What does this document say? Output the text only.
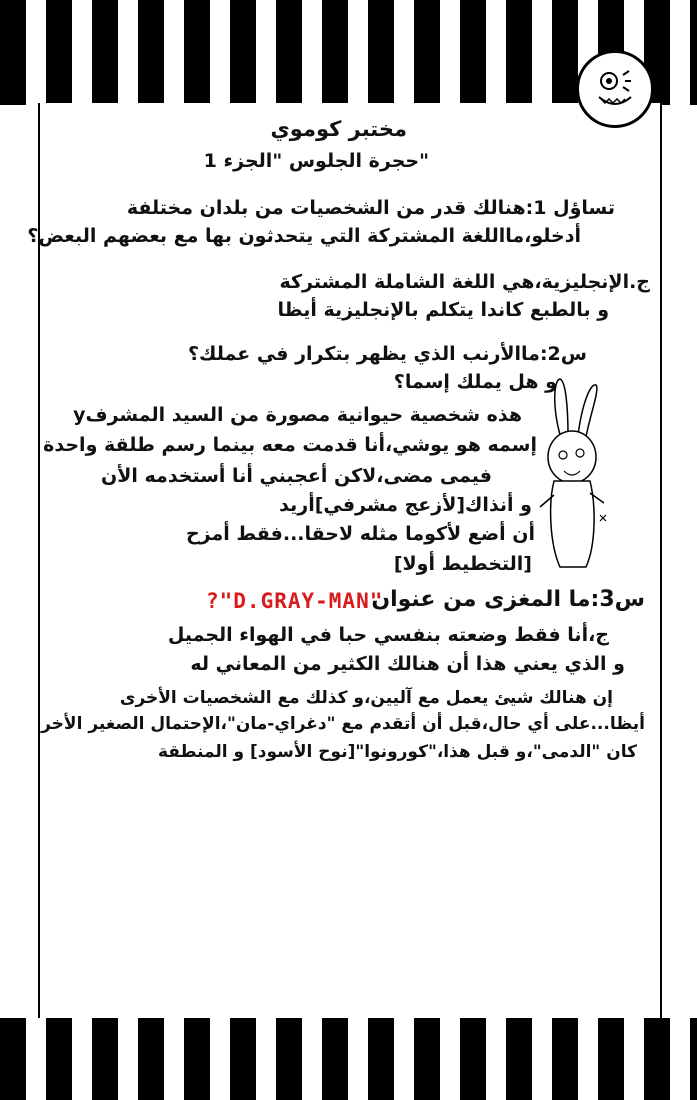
مختبر كوموي
"حجرة الجلوس "الجزء 1
تساؤل 1:هنالك قدر من الشخصيات من بلدان مختلفة
أدخلو،مااللغة المشتركة التي يتحدثون بها مع بعضهم البعض؟
ج.الإنجليزية،هي اللغة الشاملة المشتركة
و بالطبع كاندا يتكلم بالإنجليزية أيظا
س2:ماالأرنب الذي يظهر بتكرار في عملك؟
و هل يملك إسما؟
هذه شخصية حيوانية مصورة من السيد المشرفy
إسمه هو يوشي،أنا قدمت معه بينما رسم طلقة واحدة
فيمى مضى،لاكن أعجبني أنا أستخدمه الأن
و أنذاك[لأزعج مشرفي]أريد
أن أضع لأكوما مثله لاحقا...فقط أمزح
[التخطيط أولا]
س3:ما المغزى من عنوان
?"D.GRAY-MAN"
ج،أنا فقط وضعته بنفسي حبا في الهواء الجميل
و الذي يعني هذا أن هنالك الكثير من المعاني له
إن هنالك شيئ يعمل مع آليين،و كذلك مع الشخصيات الأخرى
أيظا...على أي حال،قبل أن أتقدم مع "دغراي-مان"،الإحتمال الصغير الأخر
كان "الدمى"،و قبل هذا،"كورونوا"[نوح الأسود] و المنطقة
